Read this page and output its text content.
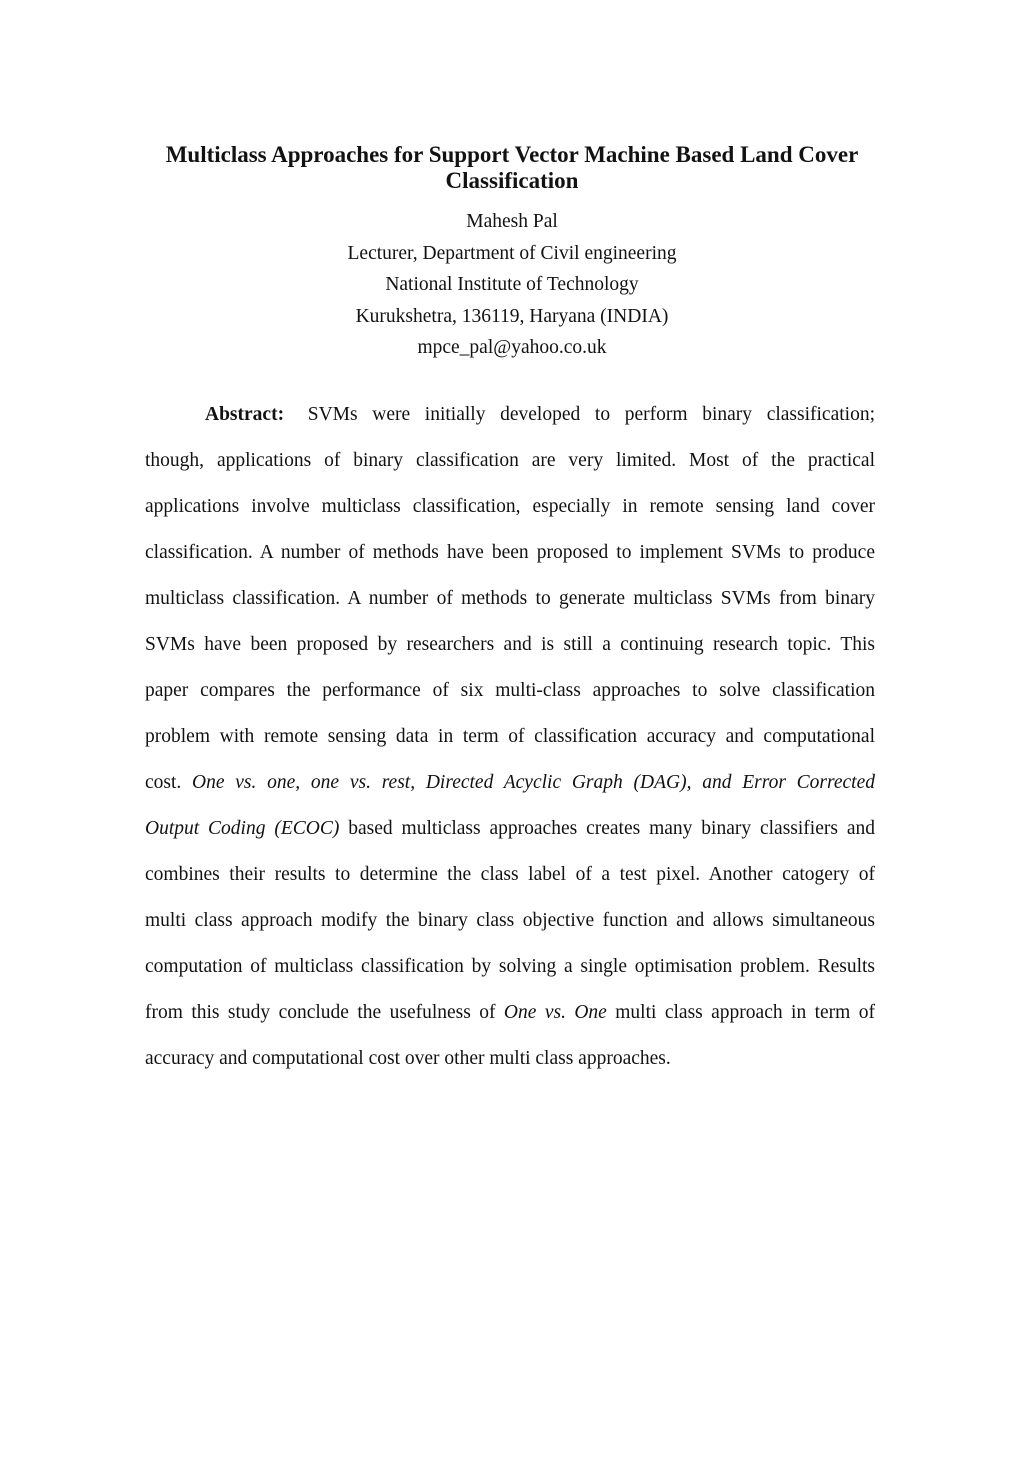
Multiclass Approaches for Support Vector Machine Based Land Cover
Classification
Mahesh Pal
Lecturer, Department of Civil engineering
National Institute of Technology
Kurukshetra, 136119, Haryana (INDIA)
mpce_pal@yahoo.co.uk
Abstract: SVMs were initially developed to perform binary classification;
though, applications of binary classification are very limited. Most of the practical
applications involve multiclass classification, especially in remote sensing land cover
classification. A number of methods have been proposed to implement SVMs to produce
multiclass classification. A number of methods to generate multiclass SVMs from binary
SVMs have been proposed by researchers and is still a continuing research topic. This
paper compares the performance of six multi-class approaches to solve classification
problem with remote sensing data in term of classification accuracy and computational
cost. One vs. one, one vs. rest, Directed Acyclic Graph (DAG), and Error Corrected
Output Coding (ECOC) based multiclass approaches creates many binary classifiers and
combines their results to determine the class label of a test pixel. Another catogery of
multi class approach modify the binary class objective function and allows simultaneous
computation of multiclass classification by solving a single optimisation problem. Results
from this study conclude the usefulness of One vs. One multi class approach in term of
accuracy and computational cost over other multi class approaches.
